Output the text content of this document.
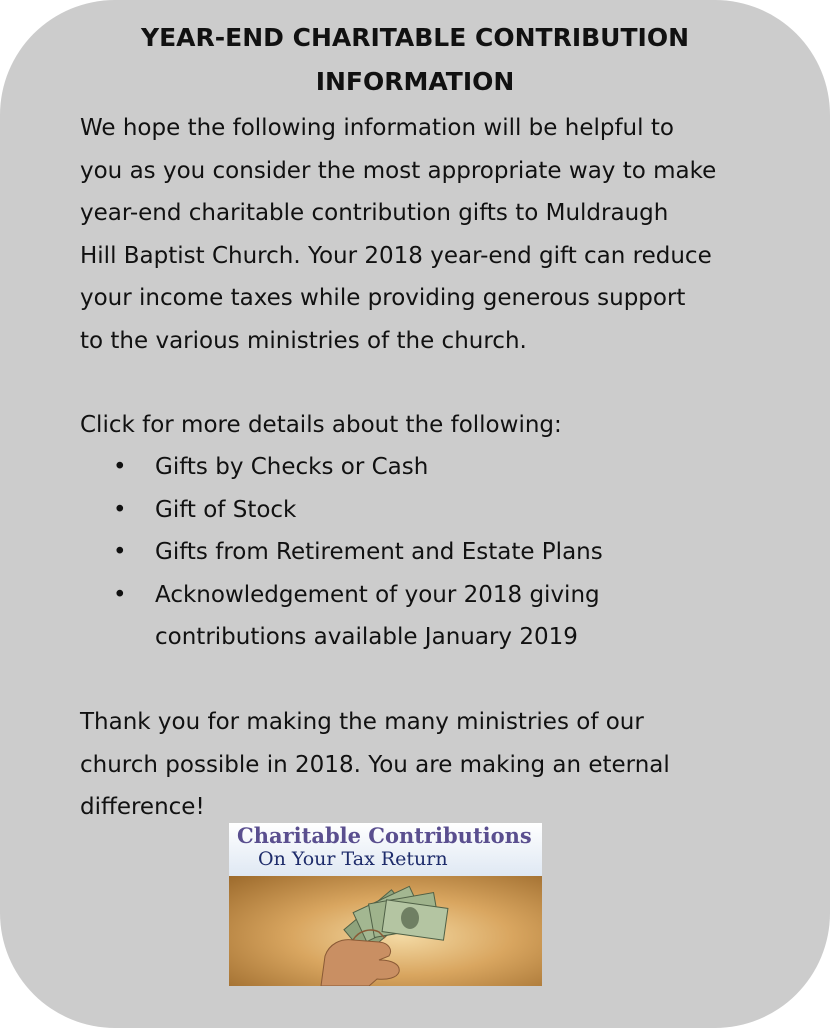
YEAR-END CHARITABLE CONTRIBUTION
INFORMATION
We hope the following information will be helpful to
you as you consider the most appropriate way to make
year-end charitable contribution gifts to Muldraugh
Hill Baptist Church. Your 2018 year-end gift can reduce
your income taxes while providing generous support
to the various ministries of the church.
Click for more details about the following:
• Gifts by Checks or Cash
• Gift of Stock
• Gifts from Retirement and Estate Plans
• Acknowledgement of your 2018 giving
contributions available January 2019
Thank you for making the many ministries of our
church possible in 2018. You are making an eternal
difference!
Charitable Contributions
On Your Tax Return
